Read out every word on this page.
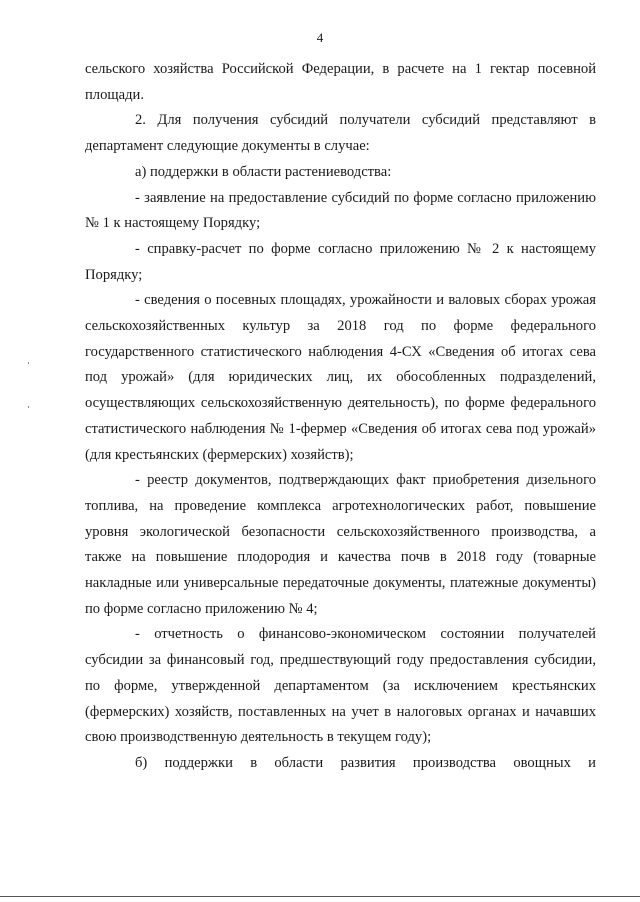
4

сельского хозяйства Российской Федерации, в расчете на 1 гектар посевной площади.

2. Для получения субсидий получатели субсидий представляют в департамент следующие документы в случае:

а) поддержки в области растениеводства:

- заявление на предоставление субсидий по форме согласно приложению № 1 к настоящему Порядку;

- справку-расчет по форме согласно приложению № 2 к настоящему Порядку;

- сведения о посевных площадях, урожайности и валовых сборах урожая сельскохозяйственных культур за 2018 год по форме федерального государственного статистического наблюдения 4-СХ «Сведения об итогах сева под урожай» (для юридических лиц, их обособленных подразделений, осуществляющих сельскохозяйственную деятельность), по форме федерального статистического наблюдения № 1-фермер «Сведения об итогах сева под урожай» (для крестьянских (фермерских) хозяйств);

- реестр документов, подтверждающих факт приобретения дизельного топлива, на проведение комплекса агротехнологических работ, повышение уровня экологической безопасности сельскохозяйственного производства, а также на повышение плодородия и качества почв в 2018 году (товарные накладные или универсальные передаточные документы, платежные документы) по форме согласно приложению № 4;

- отчетность о финансово-экономическом состоянии получателей субсидии за финансовый год, предшествующий году предоставления субсидии, по форме, утвержденной департаментом (за исключением крестьянских (фермерских) хозяйств, поставленных на учет в налоговых органах и начавших свою производственную деятельность в текущем году);

б) поддержки в области развития производства овощных и
